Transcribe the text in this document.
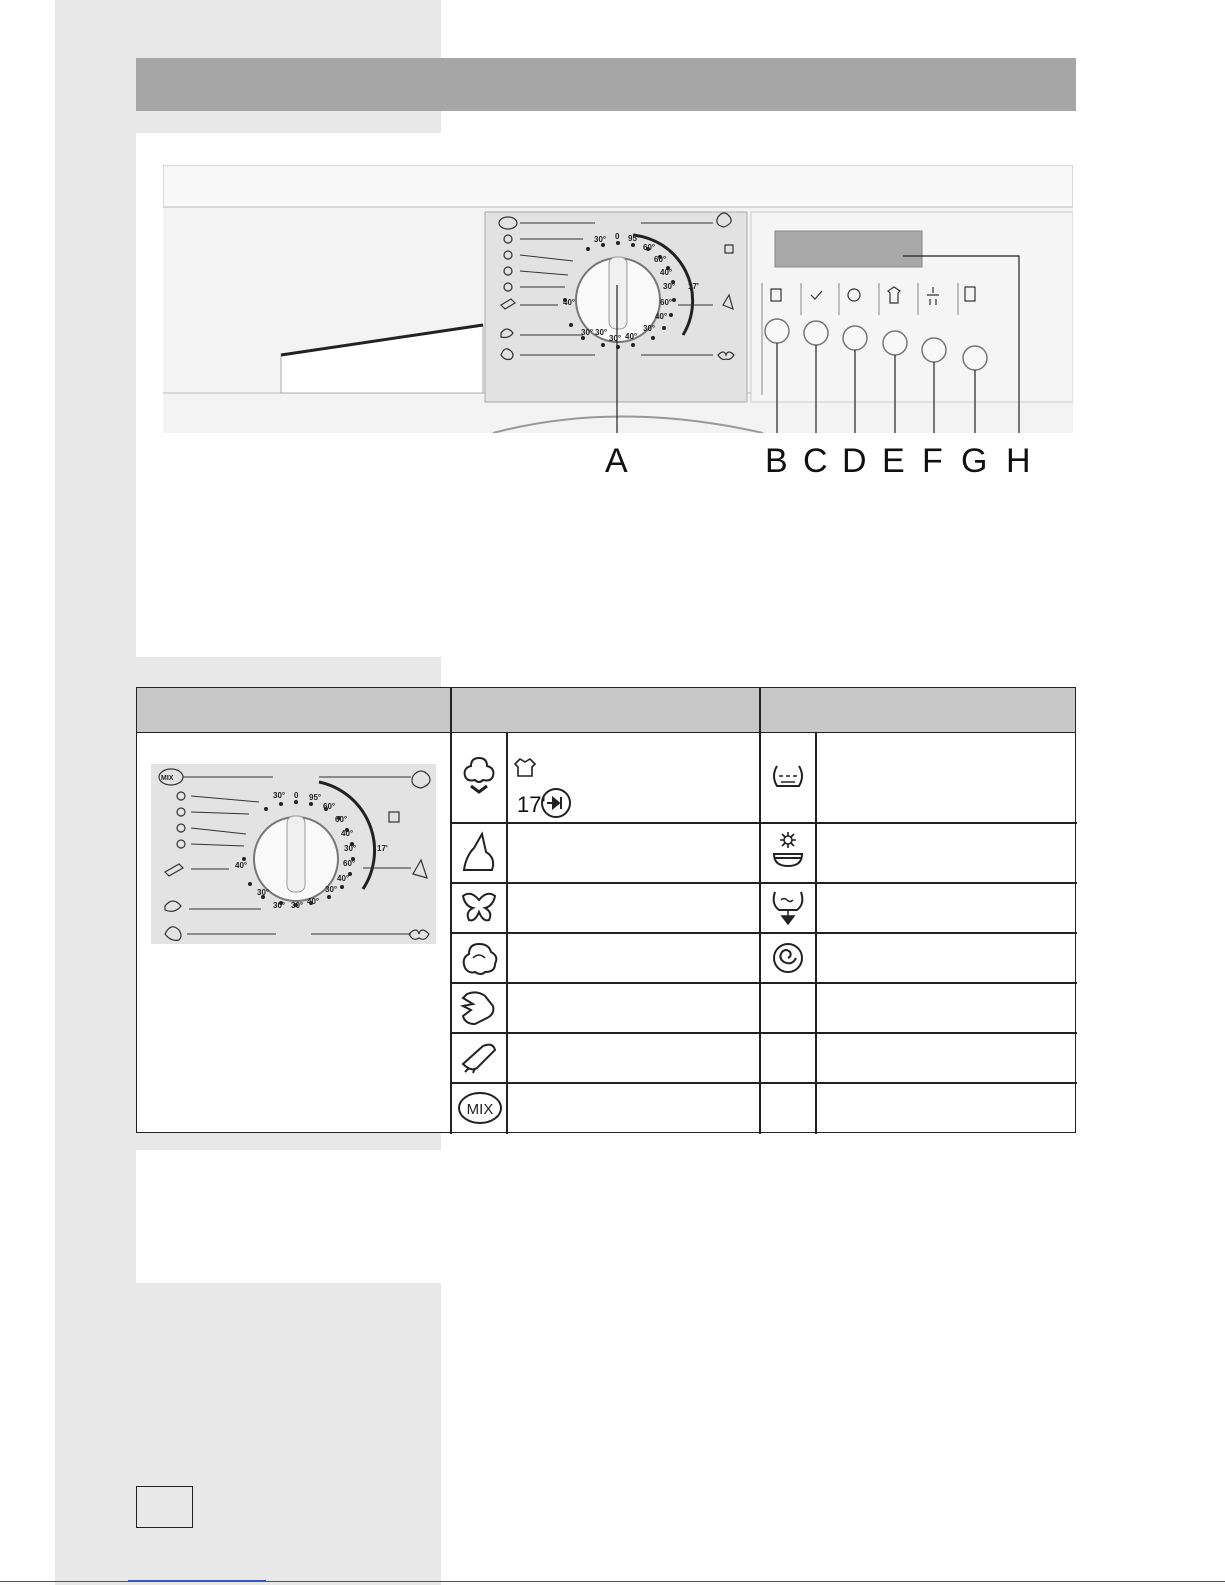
30° 0 95°
60°
60°
40°
30° 17'
60°
40°
30°
40°
30°
40°
30° 30°
A	B C D E F G H
MIX
30° 0 95°
60°
60°
40°
30°	17'
40°	60°
40°
30°
30°
30°	40°
30°
17'
MIX
